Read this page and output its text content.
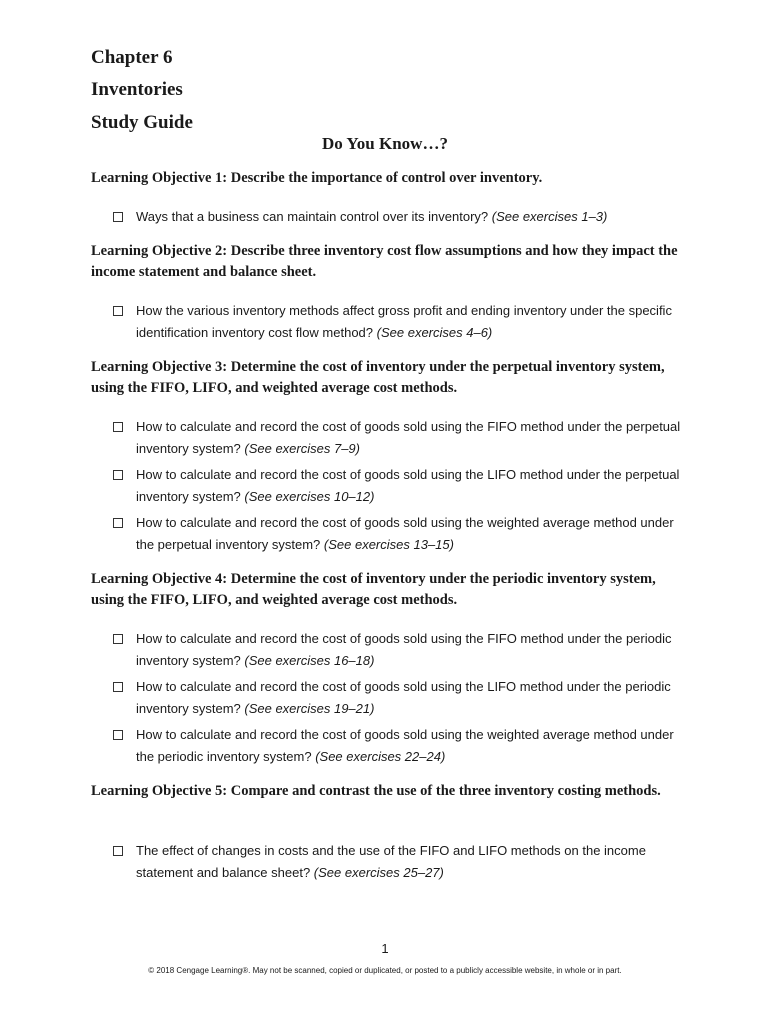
Chapter 6
Inventories
Study Guide
Do You Know…?
Learning Objective 1: Describe the importance of control over inventory.
Ways that a business can maintain control over its inventory? (See exercises 1–3)
Learning Objective 2: Describe three inventory cost flow assumptions and how they impact the income statement and balance sheet.
How the various inventory methods affect gross profit and ending inventory under the specific identification inventory cost flow method? (See exercises 4–6)
Learning Objective 3: Determine the cost of inventory under the perpetual inventory system, using the FIFO, LIFO, and weighted average cost methods.
How to calculate and record the cost of goods sold using the FIFO method under the perpetual inventory system? (See exercises 7–9)
How to calculate and record the cost of goods sold using the LIFO method under the perpetual inventory system? (See exercises 10–12)
How to calculate and record the cost of goods sold using the weighted average method under the perpetual inventory system? (See exercises 13–15)
Learning Objective 4: Determine the cost of inventory under the periodic inventory system, using the FIFO, LIFO, and weighted average cost methods.
How to calculate and record the cost of goods sold using the FIFO method under the periodic inventory system? (See exercises 16–18)
How to calculate and record the cost of goods sold using the LIFO method under the periodic inventory system? (See exercises 19–21)
How to calculate and record the cost of goods sold using the weighted average method under the periodic inventory system? (See exercises 22–24)
Learning Objective 5: Compare and contrast the use of the three inventory costing methods.
The effect of changes in costs and the use of the FIFO and LIFO methods on the income statement and balance sheet? (See exercises 25–27)
1
© 2018 Cengage Learning®. May not be scanned, copied or duplicated, or posted to a publicly accessible website, in whole or in part.
